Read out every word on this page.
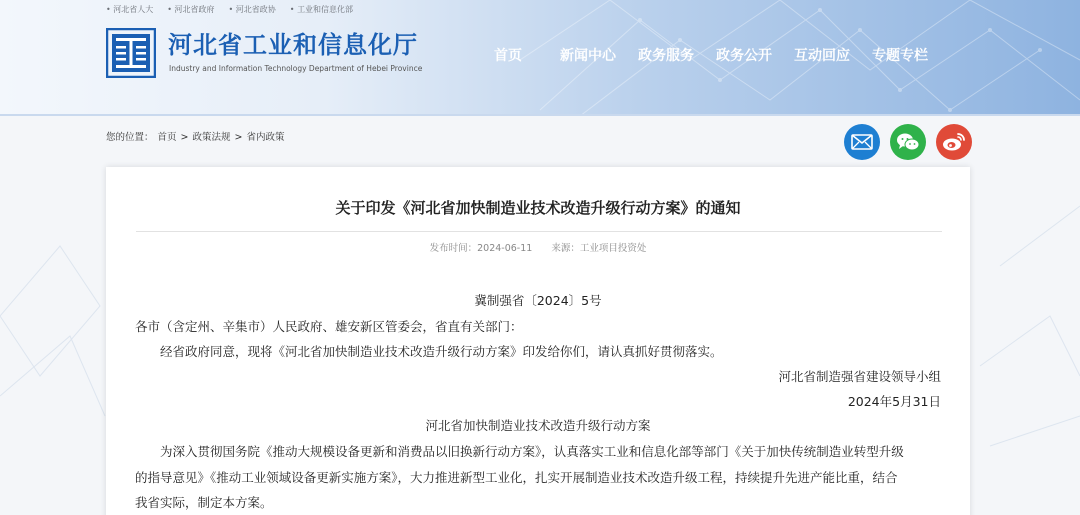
• 河北省人大	• 河北省政府	• 河北省政协	• 工业和信息化部
河北省工业和信息化厅
Industry and Information Technology Department of Hebei Province
首页	新闻中心 政务服务 政务公开 互动回应 专题专栏
您的位置： 首页 > 政策法规 > 省内政策
关于印发《河北省加快制造业技术改造升级行动方案》的通知
发布时间：2024-06-11 来源：工业项目投资处
冀制强省〔2024〕5号
各市（含定州、辛集市）人民政府、雄安新区管委会，省直有关部门：
经省政府同意，现将《河北省加快制造业技术改造升级行动方案》印发给你们，请认真抓好贯彻落实。
河北省制造强省建设领导小组
2024年5月31日
河北省加快制造业技术改造升级行动方案
为深入贯彻国务院《推动大规模设备更新和消费品以旧换新行动方案》，认真落实工业和信息化部等部门《关于加快传统制造业转型升级
的指导意见》《推动工业领域设备更新实施方案》，大力推进新型工业化，扎实开展制造业技术改造升级工程，持续提升先进产能比重，结合
我省实际，制定本方案。
